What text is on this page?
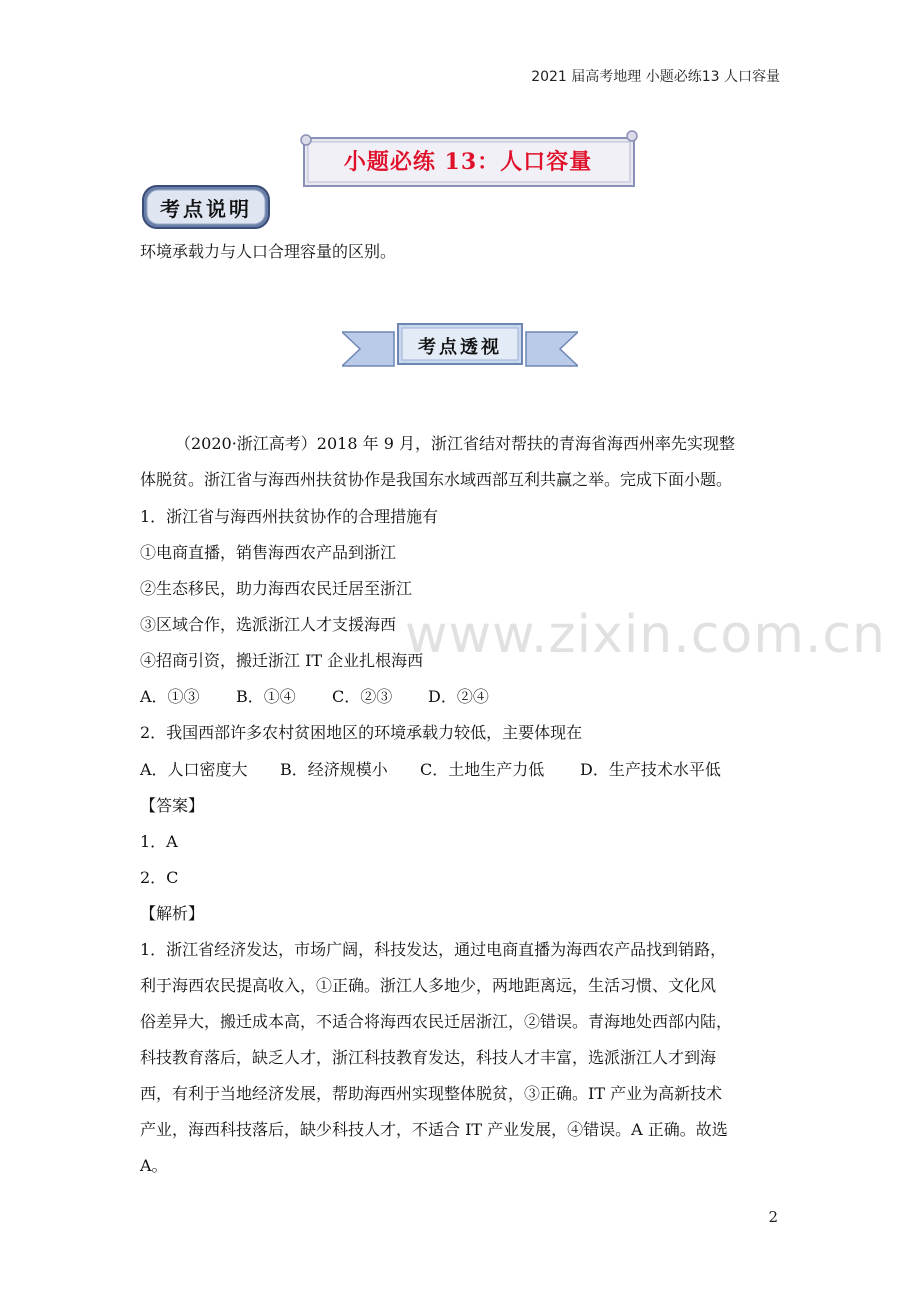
2021 届高考地理 小题必练13 人口容量
小题必练 13：人口容量
考点说明
环境承载力与人口合理容量的区别。
考点透视
（2020·浙江高考）2018 年 9 月，浙江省结对帮扶的青海省海西州率先实现整
体脱贫。浙江省与海西州扶贫协作是我国东水域西部互利共赢之举。完成下面小题。
1．浙江省与海西州扶贫协作的合理措施有
①电商直播，销售海西农产品到浙江
②生态移民，助力海西农民迁居至浙江
③区域合作，选派浙江人才支援海西
④招商引资，搬迁浙江 IT 企业扎根海西
A．①③ B．①④ C．②③ D．②④
2．我国西部许多农村贫困地区的环境承载力较低，主要体现在
A．人口密度大 B．经济规模小 C．土地生产力低 D．生产技术水平低
【答案】
1．A
2．C
【解析】
1．浙江省经济发达，市场广阔，科技发达，通过电商直播为海西农产品找到销路，
利于海西农民提高收入，①正确。浙江人多地少，两地距离远，生活习惯、文化风
俗差异大，搬迁成本高，不适合将海西农民迁居浙江，②错误。青海地处西部内陆，
科技教育落后，缺乏人才，浙江科技教育发达，科技人才丰富，选派浙江人才到海
西，有利于当地经济发展，帮助海西州实现整体脱贫，③正确。IT 产业为高新技术
产业，海西科技落后，缺少科技人才，不适合 IT 产业发展，④错误。A 正确。故选
A。
www.zixin.com.cn
2
